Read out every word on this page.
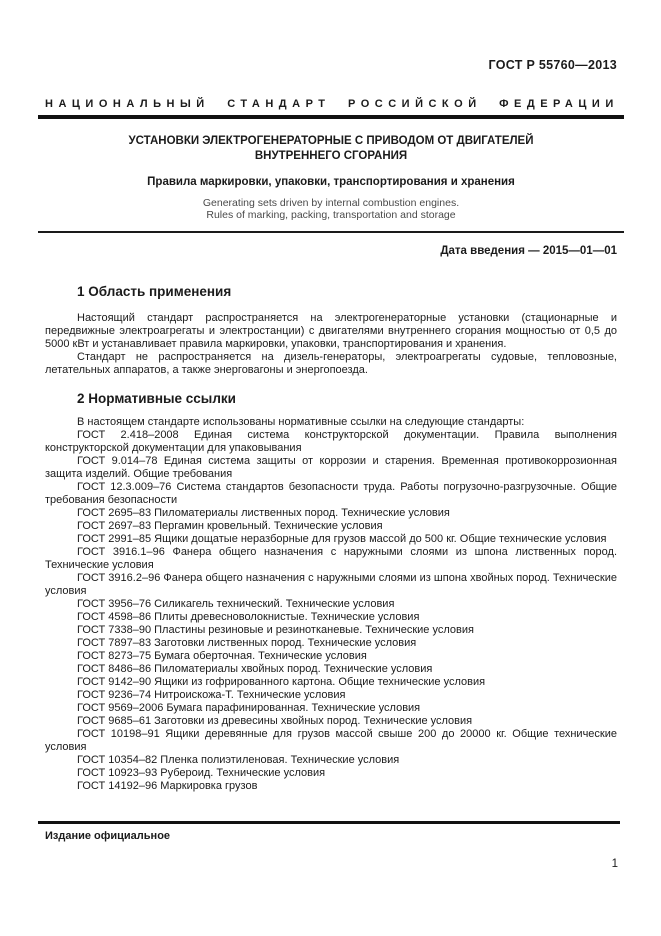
ГОСТ Р 55760—2013
НАЦИОНАЛЬНЫЙ СТАНДАРТ РОССИЙСКОЙ ФЕДЕРАЦИИ
УСТАНОВКИ ЭЛЕКТРОГЕНЕРАТОРНЫЕ С ПРИВОДОМ ОТ ДВИГАТЕЛЕЙ
ВНУТРЕННЕГО СГОРАНИЯ
Правила маркировки, упаковки, транспортирования и хранения
Generating sets driven by internal combustion engines.
Rules of marking, packing, transportation and storage
Дата введения — 2015—01—01
1 Область применения

Настоящий стандарт распространяется на электрогенераторные установки (стационарные и передвижные электроагрегаты и электростанции) с двигателями внутреннего сгорания мощностью от 0,5 до 5000 кВт и устанавливает правила маркировки, упаковки, транспортирования и хранения.

Стандарт не распространяется на дизель-генераторы, электроагрегаты судовые, тепловозные, летательных аппаратов, а также энерговагоны и энергопоезда.

2 Нормативные ссылки

В настоящем стандарте использованы нормативные ссылки на следующие стандарты:

ГОСТ 2.418–2008 Единая система конструкторской документации. Правила выполнения конструкторской документации для упаковывания

ГОСТ 9.014–78 Единая система защиты от коррозии и старения. Временная противокоррозионная защита изделий. Общие требования

ГОСТ 12.3.009–76 Система стандартов безопасности труда. Работы погрузочно-разгрузочные. Общие требования безопасности

ГОСТ 2695–83 Пиломатериалы лиственных пород. Технические условия

ГОСТ 2697–83 Пергамин кровельный. Технические условия

ГОСТ 2991–85 Ящики дощатые неразборные для грузов массой до 500 кг. Общие технические условия

ГОСТ 3916.1–96 Фанера общего назначения с наружными слоями из шпона лиственных пород. Технические условия

ГОСТ 3916.2–96 Фанера общего назначения с наружными слоями из шпона хвойных пород. Технические условия

ГОСТ 3956–76 Силикагель технический. Технические условия

ГОСТ 4598–86 Плиты древесноволокнистые. Технические условия

ГОСТ 7338–90 Пластины резиновые и резинотканевые. Технические условия

ГОСТ 7897–83 Заготовки лиственных пород. Технические условия

ГОСТ 8273–75 Бумага оберточная. Технические условия

ГОСТ 8486–86 Пиломатериалы хвойных пород. Технические условия

ГОСТ 9142–90 Ящики из гофрированного картона. Общие технические условия

ГОСТ 9236–74 Нитроискожа-Т. Технические условия

ГОСТ 9569–2006 Бумага парафинированная. Технические условия

ГОСТ 9685–61 Заготовки из древесины хвойных пород. Технические условия

ГОСТ 10198–91 Ящики деревянные для грузов массой свыше 200 до 20000 кг. Общие технические условия

ГОСТ 10354–82 Пленка полиэтиленовая. Технические условия

ГОСТ 10923–93 Рубероид. Технические условия

ГОСТ 14192–96 Маркировка грузов

Издание официальное
1
